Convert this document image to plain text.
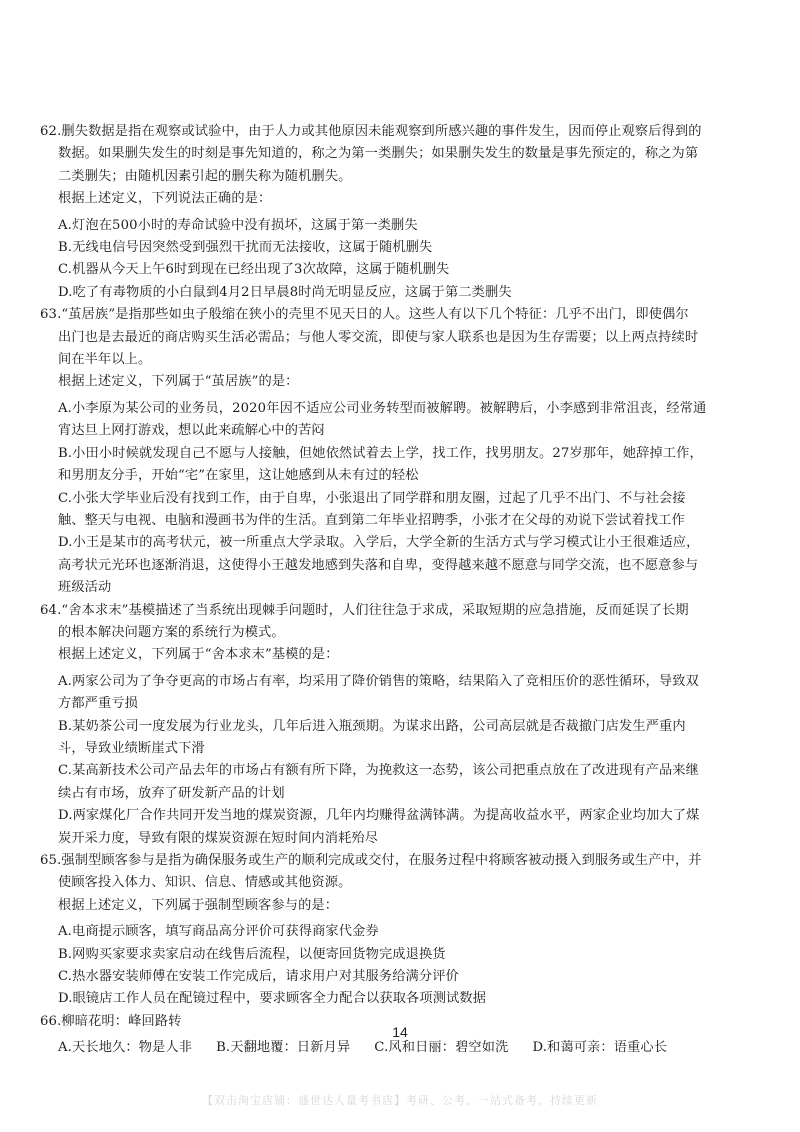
62.删失数据是指在观察或试验中，由于人力或其他原因未能观察到所感兴趣的事件发生，因而停止观察后得到的
数据。如果删失发生的时刻是事先知道的，称之为第一类删失；如果删失发生的数量是事先预定的，称之为第
二类删失；由随机因素引起的删失称为随机删失。
根据上述定义，下列说法正确的是：
A.灯泡在500小时的寿命试验中没有损坏，这属于第一类删失
B.无线电信号因突然受到强烈干扰而无法接收，这属于随机删失
C.机器从今天上午6时到现在已经出现了3次故障，这属于随机删失
D.吃了有毒物质的小白鼠到4月2日早晨8时尚无明显反应，这属于第二类删失
63.“茧居族”是指那些如虫子般缩在狭小的壳里不见天日的人。这些人有以下几个特征：几乎不出门，即使偶尔
出门也是去最近的商店购买生活必需品；与他人零交流，即使与家人联系也是因为生存需要；以上两点持续时
间在半年以上。
根据上述定义，下列属于“茧居族”的是：
A.小李原为某公司的业务员，2020年因不适应公司业务转型而被解聘。被解聘后，小李感到非常沮丧，经常通
宵达旦上网打游戏，想以此来疏解心中的苦闷
B.小田小时候就发现自己不愿与人接触，但她依然试着去上学，找工作，找男朋友。27岁那年，她辞掉工作，
和男朋友分手，开始“宅”在家里，这让她感到从未有过的轻松
C.小张大学毕业后没有找到工作，由于自卑，小张退出了同学群和朋友圈，过起了几乎不出门、不与社会接
触、整天与电视、电脑和漫画书为伴的生活。直到第二年毕业招聘季，小张才在父母的劝说下尝试着找工作
D.小王是某市的高考状元，被一所重点大学录取。入学后，大学全新的生活方式与学习模式让小王很难适应，
高考状元光环也逐渐消退，这使得小王越发地感到失落和自卑，变得越来越不愿意与同学交流，也不愿意参与
班级活动
64.“舍本求末”基模描述了当系统出现棘手问题时，人们往往急于求成，采取短期的应急措施，反而延误了长期
的根本解决问题方案的系统行为模式。
根据上述定义，下列属于“舍本求末”基模的是：
A.两家公司为了争夺更高的市场占有率，均采用了降价销售的策略，结果陷入了竞相压价的恶性循环，导致双
方都严重亏损
B.某奶茶公司一度发展为行业龙头，几年后进入瓶颈期。为谋求出路，公司高层就是否裁撤门店发生严重内
斗，导致业绩断崖式下滑
C.某高新技术公司产品去年的市场占有额有所下降，为挽救这一态势，该公司把重点放在了改进现有产品来继
续占有市场，放弃了研发新产品的计划
D.两家煤化厂合作共同开发当地的煤炭资源，几年内均赚得盆满钵满。为提高收益水平，两家企业均加大了煤
炭开采力度，导致有限的煤炭资源在短时间内消耗殆尽
65.强制型顾客参与是指为确保服务或生产的顺利完成或交付，在服务过程中将顾客被动摄入到服务或生产中，并
使顾客投入体力、知识、信息、情感或其他资源。
根据上述定义，下列属于强制型顾客参与的是：
A.电商提示顾客，填写商品高分评价可获得商家代金券
B.网购买家要求卖家启动在线售后流程，以便寄回货物完成退换货
C.热水器安装师傅在安装工作完成后，请求用户对其服务给满分评价
D.眼镜店工作人员在配镜过程中，要求顾客全力配合以获取各项测试数据
66.柳暗花明：峰回路转
A.天长地久：物是人非 B.天翻地覆：日新月异 C.风和日丽：碧空如洗 D.和蔼可亲：语重心长
14
【双击淘宝店铺：盛世达人量考书店】考研、公考、一站式备考，持续更新
